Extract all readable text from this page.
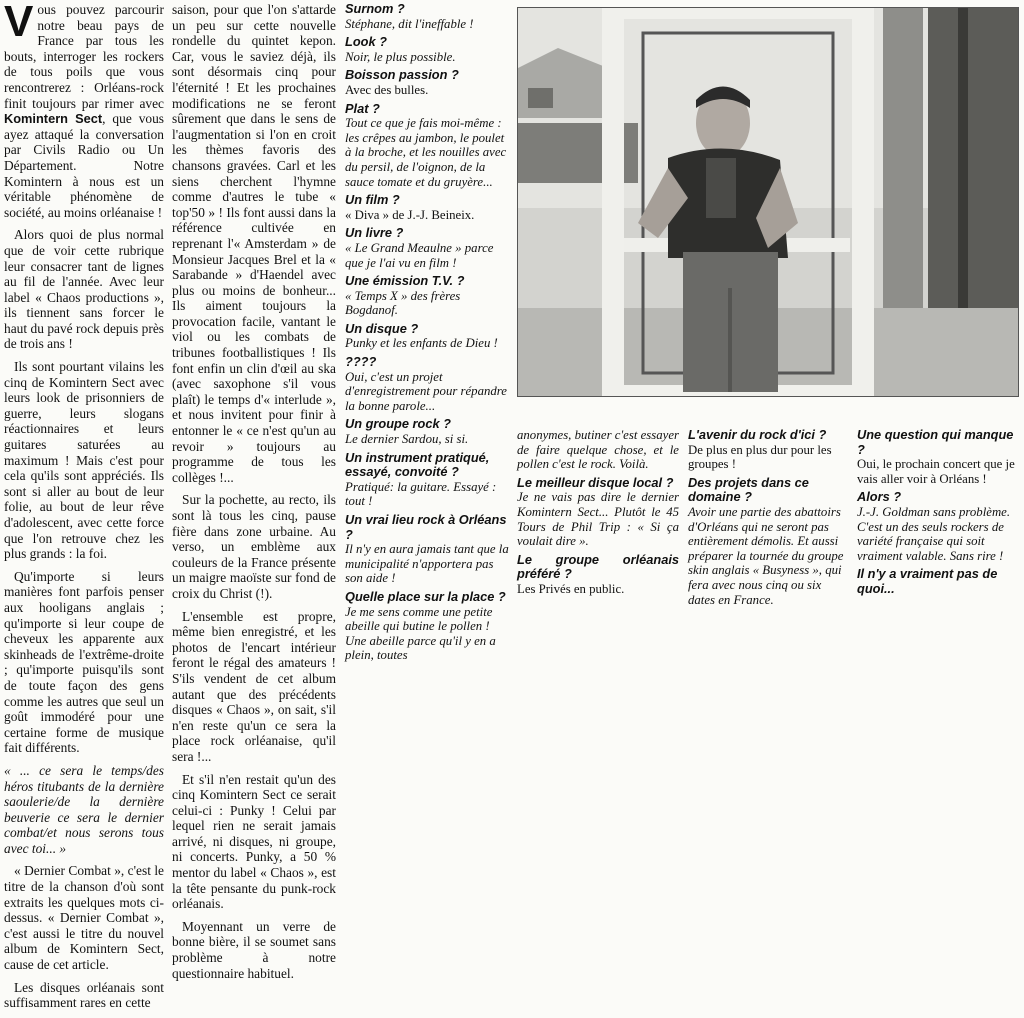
Vous pouvez parcourir notre beau pays de France par tous les bouts, interroger les rockers de tous poils que vous rencontrerez : Orléans-rock finit toujours par rimer avec Komintern Sect, que vous ayez attaqué la conversation par Civils Radio ou Un Département. Notre Komintern à nous est un véritable phénomène de société, au moins orléanaise !

Alors quoi de plus normal que de voir cette rubrique leur consacrer tant de lignes au fil de l'année. Avec leur label « Chaos productions », ils tiennent sans forcer le haut du pavé rock depuis près de trois ans !

Ils sont pourtant vilains les cinq de Komintern Sect avec leurs look de prisonniers de guerre, leurs slogans réactionnaires et leurs guitares saturées au maximum ! Mais c'est pour cela qu'ils sont appréciés. Ils sont si aller au bout de leur folie, au bout de leur rêve d'adolescent, avec cette force que l'on retrouve chez les plus grands : la foi.

Qu'importe si leurs manières font parfois penser aux hooligans anglais ; qu'importe si leur coupe de cheveux les apparente aux skinheads de l'extrême-droite ; qu'importe puisqu'ils sont de toute façon des gens comme les autres que seul un goût immodéré pour une certaine forme de musique fait différents.

« ... ce sera le temps/des héros titubants de la dernière saoulerie/de la dernière beuverie ce sera le dernier combat/et nous serons tous avec toi... »

« Dernier Combat », c'est le titre de la chanson d'où sont extraits les quelques mots ci-dessus. « Dernier Combat », c'est aussi le titre du nouvel album de Komintern Sect, cause de cet article.

Les disques orléanais sont suffisamment rares en cette

saison, pour que l'on s'attarde un peu sur cette nouvelle rondelle du quintet kepon. Car, vous le saviez déjà, ils sont désormais cinq pour l'éternité ! Et les prochaines modifications ne se feront sûrement que dans le sens de l'augmentation si l'on en croit les thèmes favoris des chansons gravées. Carl et les siens cherchent l'hymne comme d'autres le tube « top'50 » ! Ils font aussi dans la référence cultivée en reprenant l'« Amsterdam » de Monsieur Jacques Brel et la « Sarabande » d'Haendel avec plus ou moins de bonheur... Ils aiment toujours la provocation facile, vantant le viol ou les combats de tribunes footballistiques ! Ils font enfin un clin d'œil au ska (avec saxophone s'il vous plaît) le temps d'« interlude », et nous invitent pour finir à entonner le « ce n'est qu'un au revoir » toujours au programme de tous les collèges !...

Sur la pochette, au recto, ils sont là tous les cinq, pause fière dans zone urbaine. Au verso, un emblème aux couleurs de la France présente un maigre maoïste sur fond de croix du Christ (!).

L'ensemble est propre, même bien enregistré, et les photos de l'encart intérieur feront le régal des amateurs ! S'ils vendent de cet album autant que des précédents disques « Chaos », on sait, s'il n'en reste qu'un ce sera la place rock orléanaise, qu'il sera !...

Et s'il n'en restait qu'un des cinq Komintern Sect ce serait celui-ci : Punky ! Celui par lequel rien ne serait jamais arrivé, ni disques, ni groupe, ni concerts. Punky, a 50 % mentor du label « Chaos », est la tête pensante du punk-rock orléanais.

Moyennant un verre de bonne bière, il se soumet sans problème à notre questionnaire habituel.

Surnom ?
Stéphane, dit l'ineffable !
Look ?
Noir, le plus possible.
Boisson passion ?
Avec des bulles.
Plat ?
Tout ce que je fais moi-même : les crêpes au jambon, le poulet à la broche, et les nouilles avec du persil, de l'oignon, de la sauce tomate et du gruyère...
Un film ?
« Diva » de J.-J. Beineix.
Un livre ?
« Le Grand Meaulne » parce que je l'ai vu en film !
Une émission T.V. ?
« Temps X » des frères Bogdanof.
Un disque ?
Punky et les enfants de Dieu !
????
Oui, c'est un projet d'enregistrement pour répandre la bonne parole...
Un groupe rock ?
Le dernier Sardou, si si.
Un instrument pratiqué, essayé, convoité ?
Pratiqué: la guitare. Essayé : tout !
Un vrai lieu rock à Orléans ?
Il n'y en aura jamais tant que la municipalité n'apportera pas son aide !
Quelle place sur la place ?
Je me sens comme une petite abeille qui butine le pollen ! Une abeille parce qu'il y en a plein, toutes
anonymes, butiner c'est essayer de faire quelque chose, et le pollen c'est le rock. Voilà.
Le meilleur disque local ?
Je ne vais pas dire le dernier Komintern Sect... Plutôt le 45 Tours de Phil Trip : « Si ça voulait dire ».
Le groupe orléanais préféré ?
Les Privés en public.
L'avenir du rock d'ici ?
De plus en plus dur pour les groupes !
Des projets dans ce domaine ?
Avoir une partie des abattoirs d'Orléans qui ne seront pas entièrement démolis. Et aussi préparer la tournée du groupe skin anglais « Busyness », qui fera avec nous cinq ou six dates en France.
Une question qui manque ?
Oui, le prochain concert que je vais aller voir à Orléans !
Alors ?
J.-J. Goldman sans problème. C'est un des seuls rockers de variété française qui soit vraiment valable. Sans rire !
Il n'y a vraiment pas de quoi...
